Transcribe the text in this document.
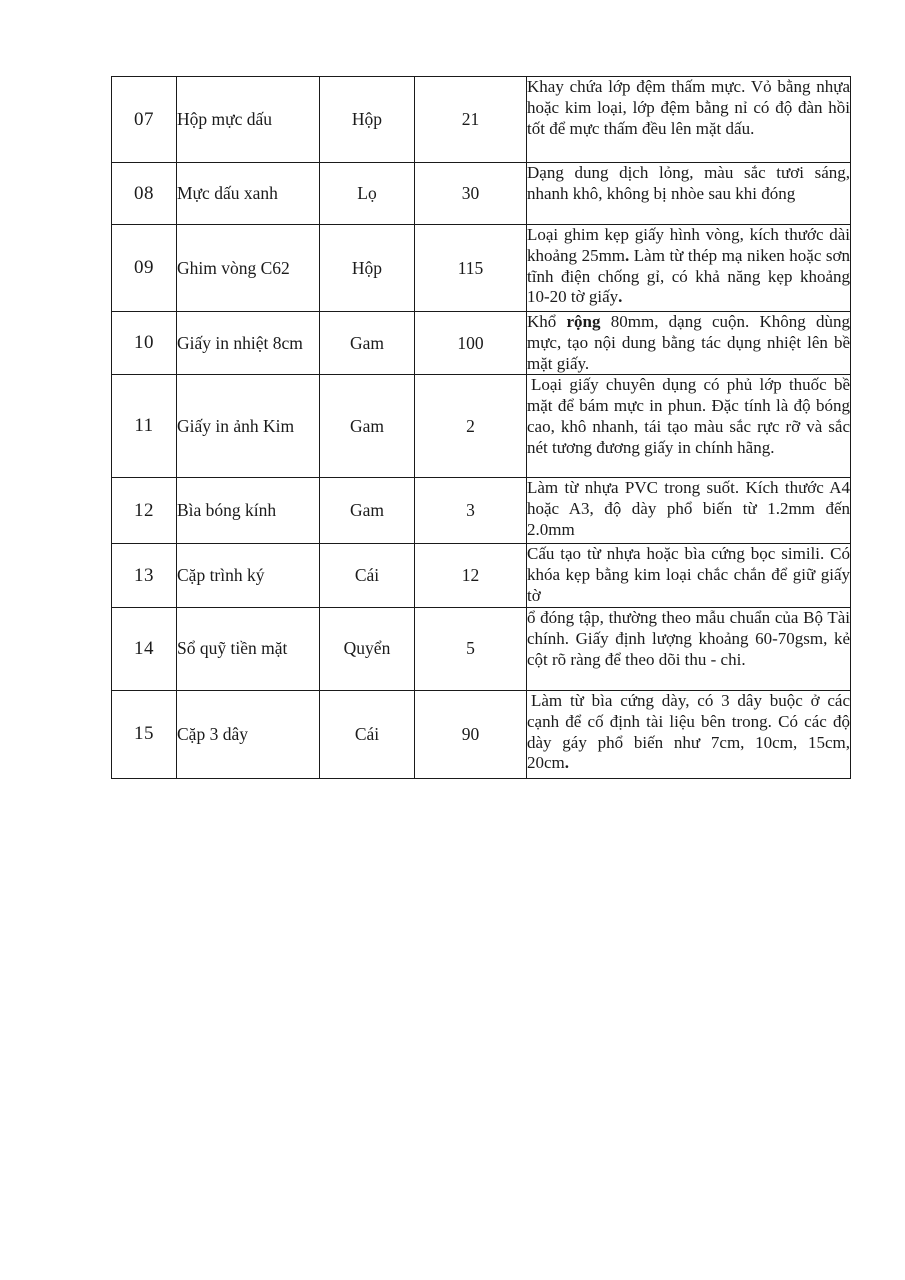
07	Hộp mực dấu	Hộp	21	Khay chứa lớp đệm thấm mực. Vỏ bằng nhựa hoặc kim loại, lớp đệm bằng nỉ có độ đàn hồi tốt để mực thấm đều lên mặt dấu.
08	Mực dấu xanh	Lọ	30	Dạng dung dịch lỏng, màu sắc tươi sáng, nhanh khô, không bị nhòe sau khi đóng
09	Ghim vòng C62	Hộp	115	Loại ghim kẹp giấy hình vòng, kích thước dài khoảng 25mm. Làm từ thép mạ niken hoặc sơn tĩnh điện chống gỉ, có khả năng kẹp khoảng 10-20 tờ giấy.
10	Giấy in nhiệt 8cm	Gam	100	Khổ rộng 80mm, dạng cuộn. Không dùng mực, tạo nội dung bằng tác dụng nhiệt lên bề mặt giấy.
11	Giấy in ảnh Kim	Gam	2	Loại giấy chuyên dụng có phủ lớp thuốc bề mặt để bám mực in phun. Đặc tính là độ bóng cao, khô nhanh, tái tạo màu sắc rực rỡ và sắc nét tương đương giấy in chính hãng.
12	Bìa bóng kính	Gam	3	Làm từ nhựa PVC trong suốt. Kích thước A4 hoặc A3, độ dày phổ biến từ 1.2mm đến 2.0mm
13	Cặp trình ký	Cái	12	Cấu tạo từ nhựa hoặc bìa cứng bọc simili. Có khóa kẹp bằng kim loại chắc chắn để giữ giấy tờ
14	Sổ quỹ tiền mặt	Quyển	5	ổ đóng tập, thường theo mẫu chuẩn của Bộ Tài chính. Giấy định lượng khoảng 60-70gsm, kẻ cột rõ ràng để theo dõi thu - chi.
15	Cặp 3 dây	Cái	90	Làm từ bìa cứng dày, có 3 dây buộc ở các cạnh để cố định tài liệu bên trong. Có các độ dày gáy phổ biến như 7cm, 10cm, 15cm, 20cm.
